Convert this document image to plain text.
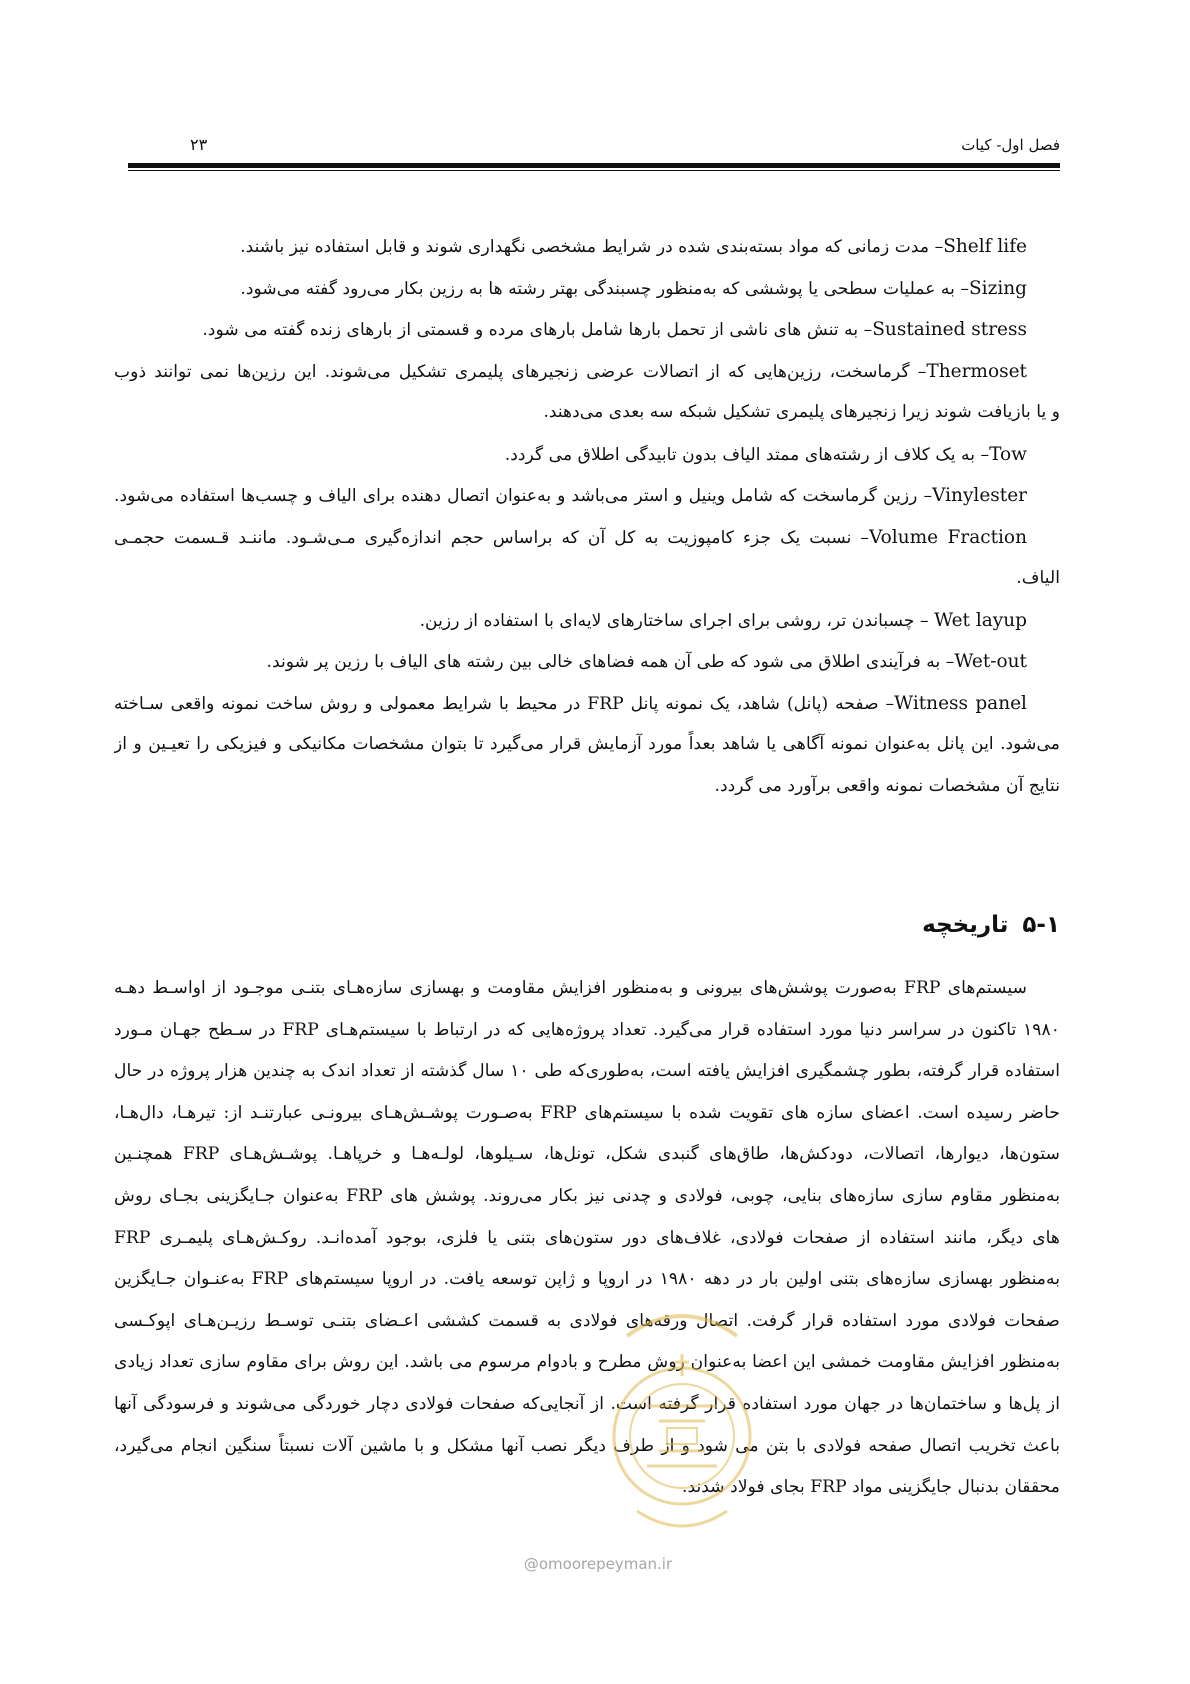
فصل اول- کیات
۲۳
Shelf life– مدت زمانی که مواد بسته‌بندی شده در شرایط مشخصی نگهداری شوند و قابل استفاده نیز باشند.
Sizing– به عملیات سطحی یا پوششی که به‌منظور چسبندگی بهتر رشته ها به رزین بکار می‌رود گفته می‌شود.
Sustained stress– به تنش های ناشی از تحمل بارها شامل بارهای مرده و قسمتی از بارهای زنده گفته می شود.
Thermoset– گرماسخت، رزین‌هایی که از اتصالات عرضی زنجیرهای پلیمری تشکیل می‌شوند. این رزین‌ها نمی توانند ذوب
و یا بازیافت شوند زیرا زنجیرهای پلیمری تشکیل شبکه سه بعدی می‌دهند.
Tow– به یک کلاف از رشته‌های ممتد الیاف بدون تابیدگی اطلاق می گردد.
Vinylester– رزین گرماسخت که شامل وینیل و استر می‌باشد و به‌عنوان اتصال دهنده برای الیاف و چسب‌ها استفاده می‌شود.
Volume Fraction– نسبت یک جزء کامپوزیت به کل آن که براساس حجم اندازه‌گیری مـی‌شـود. ماننـد قـسمت حجمـی
الیاف.
Wet layup – چسباندن تر، روشی برای اجرای ساختارهای لایه‌ای با استفاده از رزین.
Wet-out– به فرآیندی اطلاق می شود که طی آن همه فضاهای خالی بین رشته های الیاف با رزین پر شوند.
Witness panel– صفحه (پانل) شاهد، یک نمونه پانل FRP در محیط با شرایط معمولی و روش ساخت نمونه واقعی سـاخته
می‌شود. این پانل به‌عنوان نمونه آگاهی یا شاهد بعداً مورد آزمایش قرار می‌گیرد تا بتوان مشخصات مکانیکی و فیزیکی را تعیـین و از
نتایج آن مشخصات نمونه واقعی برآورد می گردد.
۵-۱تاریخچه
سیستم‌های FRP به‌صورت پوشش‌های بیرونی و به‌منظور افزایش مقاومت و بهسازی سازه‌هـای بتنـی موجـود از اواسـط دهـه
۱۹۸۰ تاکنون در سراسر دنیا مورد استفاده قرار می‌گیرد. تعداد پروژه‌هایی که در ارتباط با سیستم‌هـای FRP در سـطح جهـان مـورد
استفاده قرار گرفته، بطور چشمگیری افزایش یافته است، به‌طوری‌که طی ۱۰ سال گذشته از تعداد اندک به چندین هزار پروژه در حال
حاضر رسیده است. اعضای سازه های تقویت شده با سیستم‌های FRP به‌صـورت پوشـش‌هـای بیرونـی عبارتنـد از: تیرهـا، دال‌هـا،
ستون‌ها، دیوارها، اتصالات، دودکش‌ها، طاق‌های گنبدی شکل، تونل‌ها، سـیلوها، لولـه‌هـا و خرپاهـا. پوشـش‌هـای FRP همچنـین
به‌منظور مقاوم سازی سازه‌های بنایی، چوبی، فولادی و چدنی نیز بکار می‌روند. پوشش های FRP به‌عنوان جـایگزینی بجـای روش
های دیگر، مانند استفاده از صفحات فولادی، غلاف‌های دور ستون‌های بتنی یا فلزی، بوجود آمده‌انـد. روکـش‌هـای پلیمـری FRP
به‌منظور بهسازی سازه‌های بتنی اولین بار در دهه ۱۹۸۰ در اروپا و ژاپن توسعه یافت. در اروپا سیستم‌های FRP به‌عنـوان جـایگزین
صفحات فولادی مورد استفاده قرار گرفت. اتصال ورقه‌های فولادی به قسمت کششی اعـضای بتنـی توسـط رزیـن‌هـای اپوکـسی
به‌منظور افزایش مقاومت خمشی این اعضا به‌عنوان روش مطرح و بادوام مرسوم می باشد. این روش برای مقاوم سازی تعداد زیادی
از پل‌ها و ساختمان‌ها در جهان مورد استفاده قرار گرفته است. از آنجایی‌که صفحات فولادی دچار خوردگی می‌شوند و فرسودگی آنها
باعث تخریب اتصال صفحه فولادی با بتن می شود و از طرف دیگر نصب آنها مشکل و با ماشین آلات نسبتاً سنگین انجام می‌گیرد،
محققان بدنبال جایگزینی مواد FRP بجای فولاد شدند.
@omoorepeyman.ir
